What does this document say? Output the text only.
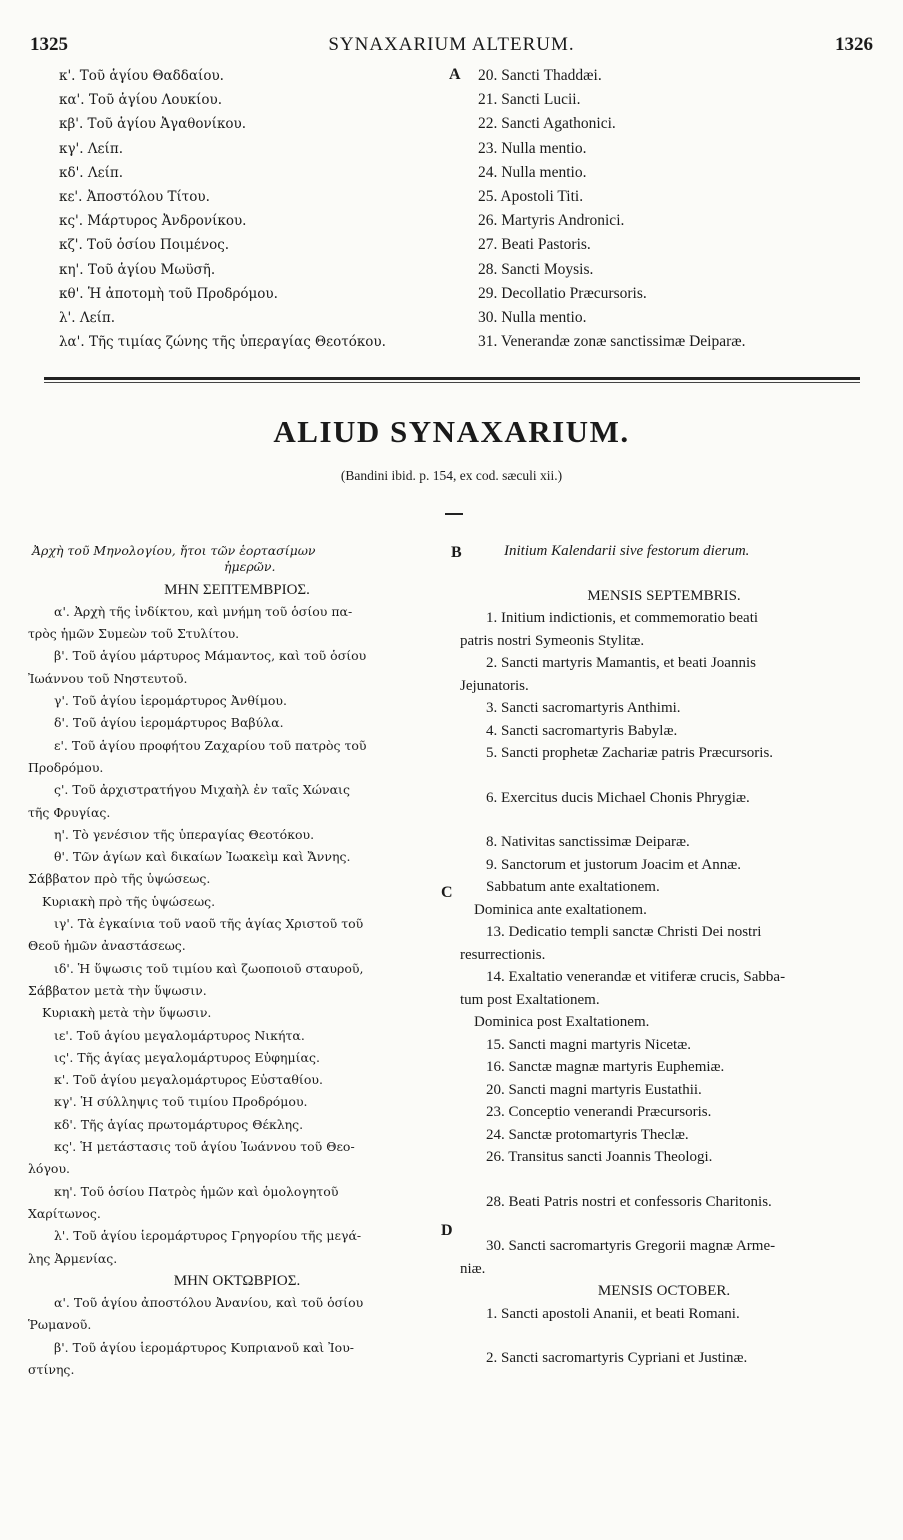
1325	SYNAXARIUM ALTERUM.	1326
κ'. Τοῦ ἁγίου Θαδδαίου.
κα'. Τοῦ ἁγίου Λουκίου.
κβ'. Τοῦ ἁγίου Ἀγαθονίκου.
κγ'. Λείπ.
κδ'. Λείπ.
κε'. Ἀποστόλου Τίτου.
κς'. Μάρτυρος Ἀνδρονίκου.
κζ'. Τοῦ ὁσίου Ποιμένος.
κη'. Τοῦ ἁγίου Μωϋσῆ.
κθ'. Ἡ ἀποτομὴ τοῦ Προδρόμου.
λ'. Λείπ.
λα'. Τῆς τιμίας ζώνης τῆς ὑπεραγίας Θεοτόκου.
A 20. Sancti Thaddæi.
21. Sancti Lucii.
22. Sancti Agathonici.
23. Nulla mentio.
24. Nulla mentio.
25. Apostoli Titi.
26. Martyris Andronici.
27. Beati Pastoris.
28. Sancti Moysis.
29. Decollatio Præcursoris.
30. Nulla mentio.
31. Venerandæ zonæ sanctissimæ Deiparæ.
ALIUD SYNAXARIUM.
(Bandini ibid. p. 154, ex cod. sæculi xii.)
B
C
D
Ἀρχὴ τοῦ Μηνολογίου, ἤτοι τῶν ἑορτασίμων
ἡμερῶν.
ΜΗΝ ΣΕΠΤΕΜΒΡΙΟΣ.
α'. Ἀρχὴ τῆς ἰνδίκτου, καὶ μνήμη τοῦ ὁσίου πα-
τρὸς ἡμῶν Συμεὼν τοῦ Στυλίτου.
β'. Τοῦ ἁγίου μάρτυρος Μάμαντος, καὶ τοῦ ὁσίου
Ἰωάννου τοῦ Νηστευτοῦ.
γ'. Τοῦ ἁγίου ἱερομάρτυρος Ἀνθίμου.
δ'. Τοῦ ἁγίου ἱερομάρτυρος Βαβύλα.
ε'. Τοῦ ἁγίου προφήτου Ζαχαρίου τοῦ πατρὸς τοῦ
Προδρόμου.
ς'. Τοῦ ἀρχιστρατήγου Μιχαὴλ ἐν ταῖς Χώναις
τῆς Φρυγίας.
η'. Τὸ γενέσιον τῆς ὑπεραγίας Θεοτόκου.
θ'. Τῶν ἁγίων καὶ δικαίων Ἰωακεὶμ καὶ Ἄννης.
Σάββατον πρὸ τῆς ὑψώσεως.
Κυριακὴ πρὸ τῆς ὑψώσεως.
ιγ'. Τὰ ἐγκαίνια τοῦ ναοῦ τῆς ἁγίας Χριστοῦ τοῦ
Θεοῦ ἡμῶν ἀναστάσεως.
ιδ'. Ἡ ὕψωσις τοῦ τιμίου καὶ ζωοποιοῦ σταυροῦ,
Σάββατον μετὰ τὴν ὕψωσιν.
Κυριακὴ μετὰ τὴν ὕψωσιν.
ιε'. Τοῦ ἁγίου μεγαλομάρτυρος Νικήτα.
ις'. Τῆς ἁγίας μεγαλομάρτυρος Εὐφημίας.
κ'. Τοῦ ἁγίου μεγαλομάρτυρος Εὐσταθίου.
κγ'. Ἡ σύλληψις τοῦ τιμίου Προδρόμου.
κδ'. Τῆς ἁγίας πρωτομάρτυρος Θέκλης.
κς'. Ἡ μετάστασις τοῦ ἁγίου Ἰωάννου τοῦ Θεο-
λόγου.
κη'. Τοῦ ὁσίου Πατρὸς ἡμῶν καὶ ὁμολογητοῦ
Χαρίτωνος.
λ'. Τοῦ ἁγίου ἱερομάρτυρος Γρηγορίου τῆς μεγά-
λης Ἀρμενίας.
ΜΗΝ ΟΚΤΩΒΡΙΟΣ.
α'. Τοῦ ἁγίου ἀποστόλου Ἀνανίου, καὶ τοῦ ὁσίου
Ῥωμανοῦ.
β'. Τοῦ ἁγίου ἱερομάρτυρος Κυπριανοῦ καὶ Ἰου-
στίνης.
Initium Kalendarii sive festorum dierum.
MENSIS SEPTEMBRIS.
1. Initium indictionis, et commemoratio beati
patris nostri Symeonis Stylitæ.
2. Sancti martyris Mamantis, et beati Joannis
Jejunatoris.
3. Sancti sacromartyris Anthimi.
4. Sancti sacromartyris Babylæ.
5. Sancti prophetæ Zachariæ patris Præcursoris.
6. Exercitus ducis Michael Chonis Phrygiæ.
8. Nativitas sanctissimæ Deiparæ.
9. Sanctorum et justorum Joacim et Annæ.
Sabbatum ante exaltationem.
Dominica ante exaltationem.
13. Dedicatio templi sanctæ Christi Dei nostri
resurrectionis.
14. Exaltatio venerandæ et vitiferæ crucis, Sabba-
tum post Exaltationem.
Dominica post Exaltationem.
15. Sancti magni martyris Nicetæ.
16. Sanctæ magnæ martyris Euphemiæ.
20. Sancti magni martyris Eustathii.
23. Conceptio venerandi Præcursoris.
24. Sanctæ protomartyris Theclæ.
26. Transitus sancti Joannis Theologi.
28. Beati Patris nostri et confessoris Charitonis.
30. Sancti sacromartyris Gregorii magnæ Arme-
niæ.
MENSIS OCTOBER.
1. Sancti apostoli Ananii, et beati Romani.
2. Sancti sacromartyris Cypriani et Justinæ.
